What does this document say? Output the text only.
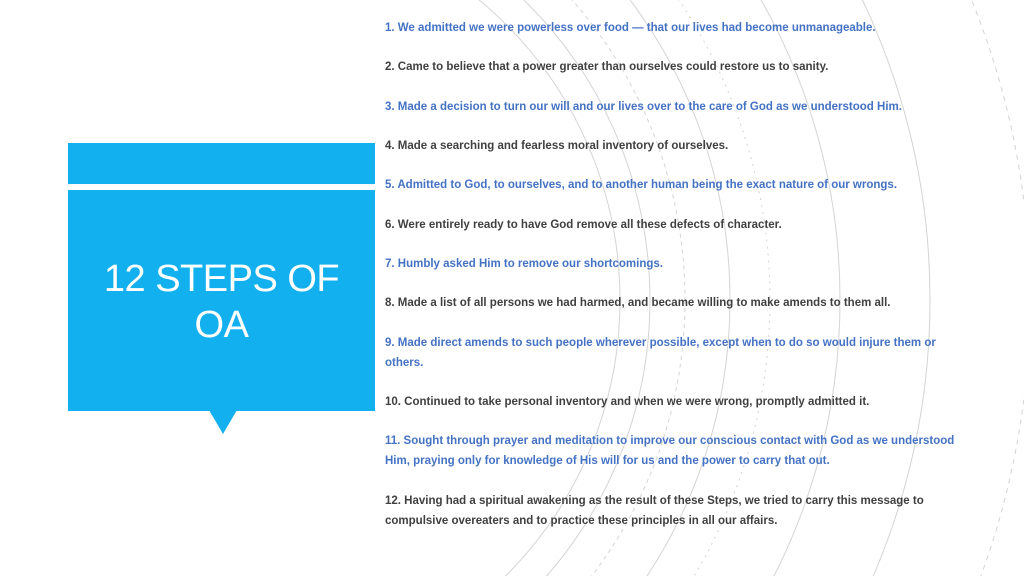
12 STEPS OF
OA
1. We admitted we were powerless over food — that our lives had become unmanageable.
2. Came to believe that a power greater than ourselves could restore us to sanity.
3. Made a decision to turn our will and our lives over to the care of God as we understood Him.
4. Made a searching and fearless moral inventory of ourselves.
5. Admitted to God, to ourselves, and to another human being the exact nature of our wrongs.
6. Were entirely ready to have God remove all these defects of character.
7. Humbly asked Him to remove our shortcomings.
8. Made a list of all persons we had harmed, and became willing to make amends to them all.
9. Made direct amends to such people wherever possible, except when to do so would injure them or others.
10. Continued to take personal inventory and when we were wrong, promptly admitted it.
11. Sought through prayer and meditation to improve our conscious contact with God as we understood Him, praying only for knowledge of His will for us and the power to carry that out.
12. Having had a spiritual awakening as the result of these Steps, we tried to carry this message to compulsive overeaters and to practice these principles in all our affairs.
